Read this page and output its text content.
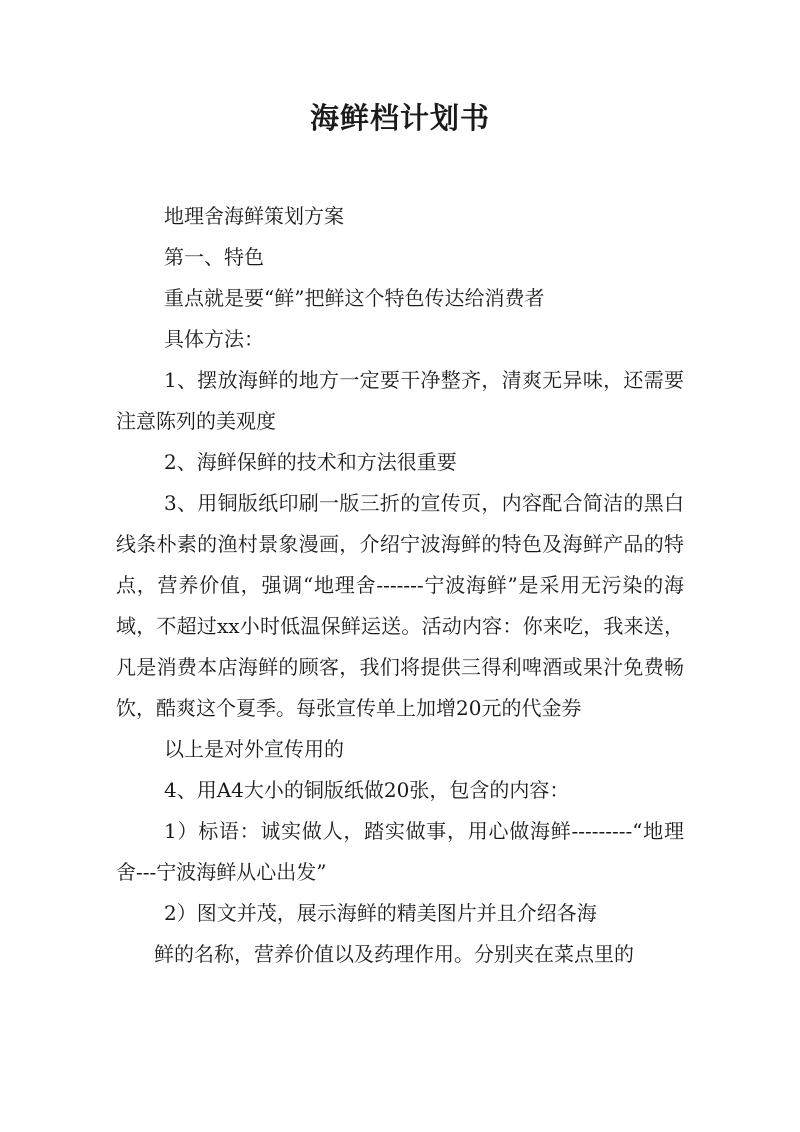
海鲜档计划书

地理舍海鲜策划方案

第一、特色

重点就是要“鲜”把鲜这个特色传达给消费者

具体方法：

1、摆放海鲜的地方一定要干净整齐，清爽无异味，还需要注意陈列的美观度

2、海鲜保鲜的技术和方法很重要

3、用铜版纸印刷一版三折的宣传页，内容配合简洁的黑白线条朴素的渔村景象漫画，介绍宁波海鲜的特色及海鲜产品的特点，营养价值，强调“地理舍-------宁波海鲜”是采用无污染的海域，不超过xx小时低温保鲜运送。活动内容：你来吃，我来送，凡是消费本店海鲜的顾客，我们将提供三得利啤酒或果汁免费畅饮，酷爽这个夏季。每张宣传单上加增20元的代金券

以上是对外宣传用的

4、用A4大小的铜版纸做20张，包含的内容：

1）标语：诚实做人，踏实做事，用心做海鲜---------“地理舍---宁波海鲜从心出发”

2）图文并茂，展示海鲜的精美图片并且介绍各海

鲜的名称，营养价值以及药理作用。分别夹在菜点里的
